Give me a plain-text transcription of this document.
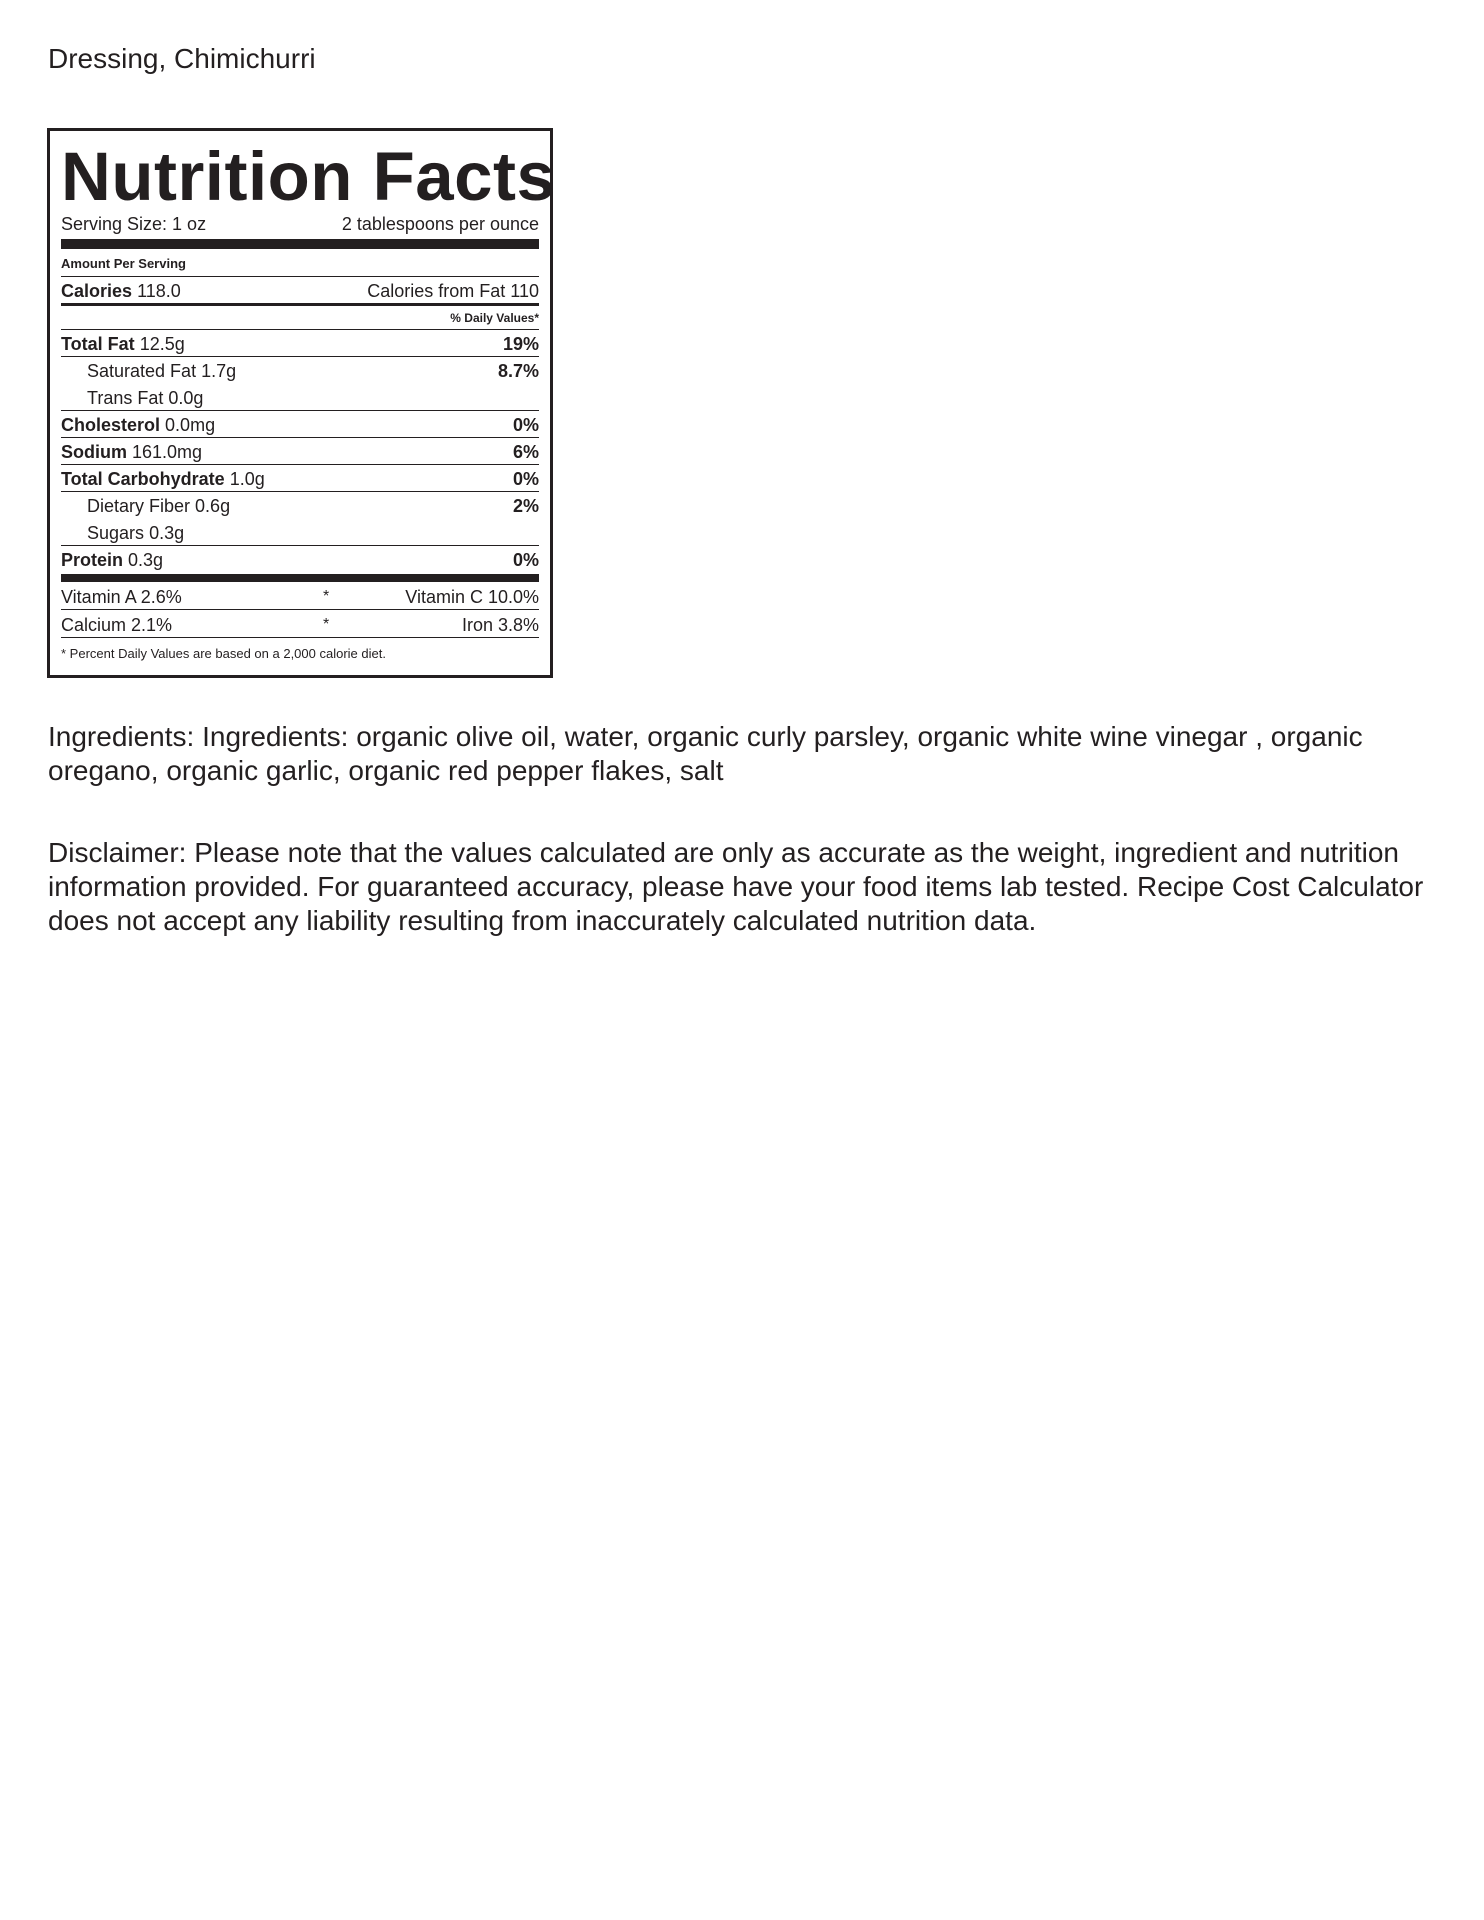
Dressing, Chimichurri
Nutrition Facts
Serving Size: 1 oz	2 tablespoons per ounce
Amount Per Serving
Calories 118.0	Calories from Fat 110
% Daily Values*
Total Fat 12.5g	19%
Saturated Fat 1.7g	8.7%
Trans Fat 0.0g
Cholesterol 0.0mg	0%
Sodium 161.0mg	6%
Total Carbohydrate 1.0g	0%
Dietary Fiber 0.6g	2%
Sugars 0.3g
Protein 0.3g	0%
Vitamin A 2.6%	*	Vitamin C 10.0%
Calcium 2.1%	*	Iron 3.8%
* Percent Daily Values are based on a 2,000 calorie diet.
Ingredients: Ingredients: organic olive oil, water, organic curly parsley, organic white wine vinegar , organic oregano, organic garlic, organic red pepper flakes, salt
Disclaimer: Please note that the values calculated are only as accurate as the weight, ingredient and nutrition information provided. For guaranteed accuracy, please have your food items lab tested. Recipe Cost Calculator does not accept any liability resulting from inaccurately calculated nutrition data.
